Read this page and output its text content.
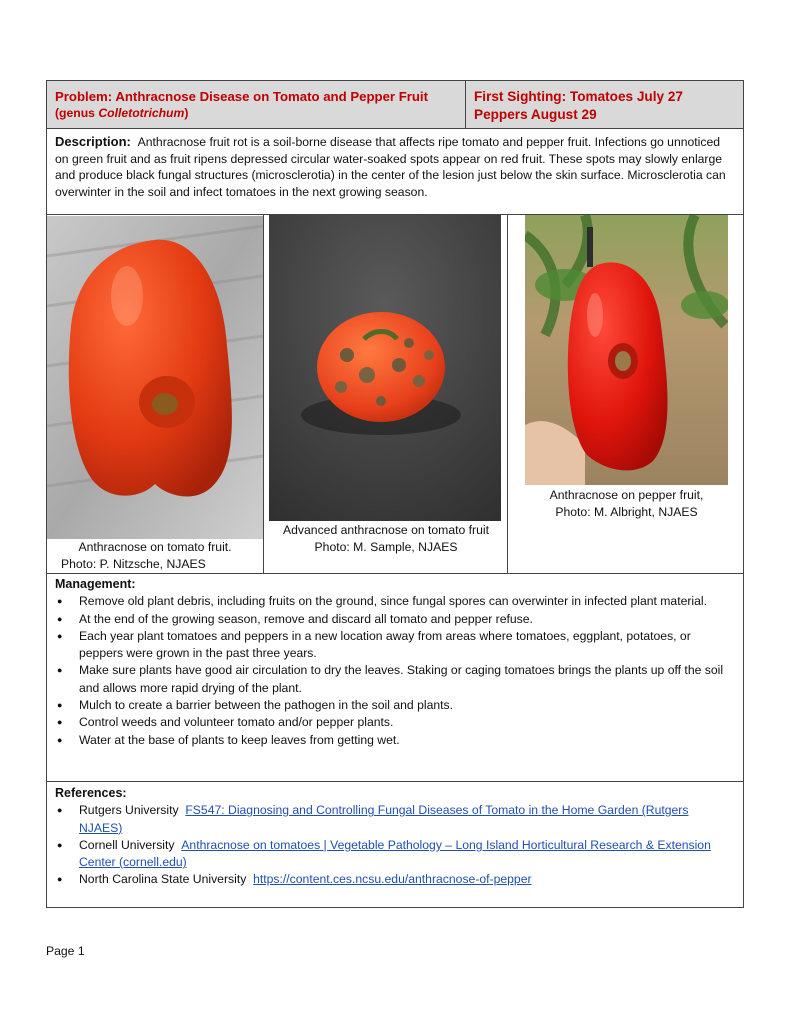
Problem: Anthracnose Disease on Tomato and Pepper Fruit
(genus Colletotrichum)
First Sighting: Tomatoes July 27
Peppers August 29
Description: Anthracnose fruit rot is a soil-borne disease that affects ripe tomato and pepper fruit. Infections go unnoticed on green fruit and as fruit ripens depressed circular water-soaked spots appear on red fruit. These spots may slowly enlarge and produce black fungal structures (microsclerotia) in the center of the lesion just below the skin surface. Microsclerotia can overwinter in the soil and infect tomatoes in the next growing season.
Anthracnose on tomato fruit.
Photo: P. Nitzsche, NJAES
Advanced anthracnose on tomato fruit
Photo: M. Sample, NJAES
Anthracnose on pepper fruit,
Photo: M. Albright, NJAES
Management:
● Remove old plant debris, including fruits on the ground, since fungal spores can overwinter in infected plant material.
● At the end of the growing season, remove and discard all tomato and pepper refuse.
● Each year plant tomatoes and peppers in a new location away from areas where tomatoes, eggplant, potatoes, or peppers were grown in the past three years.
● Make sure plants have good air circulation to dry the leaves. Staking or caging tomatoes brings the plants up off the soil and allows more rapid drying of the plant.
● Mulch to create a barrier between the pathogen in the soil and plants.
● Control weeds and volunteer tomato and/or pepper plants.
● Water at the base of plants to keep leaves from getting wet.
References:
● Rutgers University FS547: Diagnosing and Controlling Fungal Diseases of Tomato in the Home Garden (Rutgers NJAES)
● Cornell University Anthracnose on tomatoes | Vegetable Pathology – Long Island Horticultural Research & Extension Center (cornell.edu)
● North Carolina State University https://content.ces.ncsu.edu/anthracnose-of-pepper
Page 1
